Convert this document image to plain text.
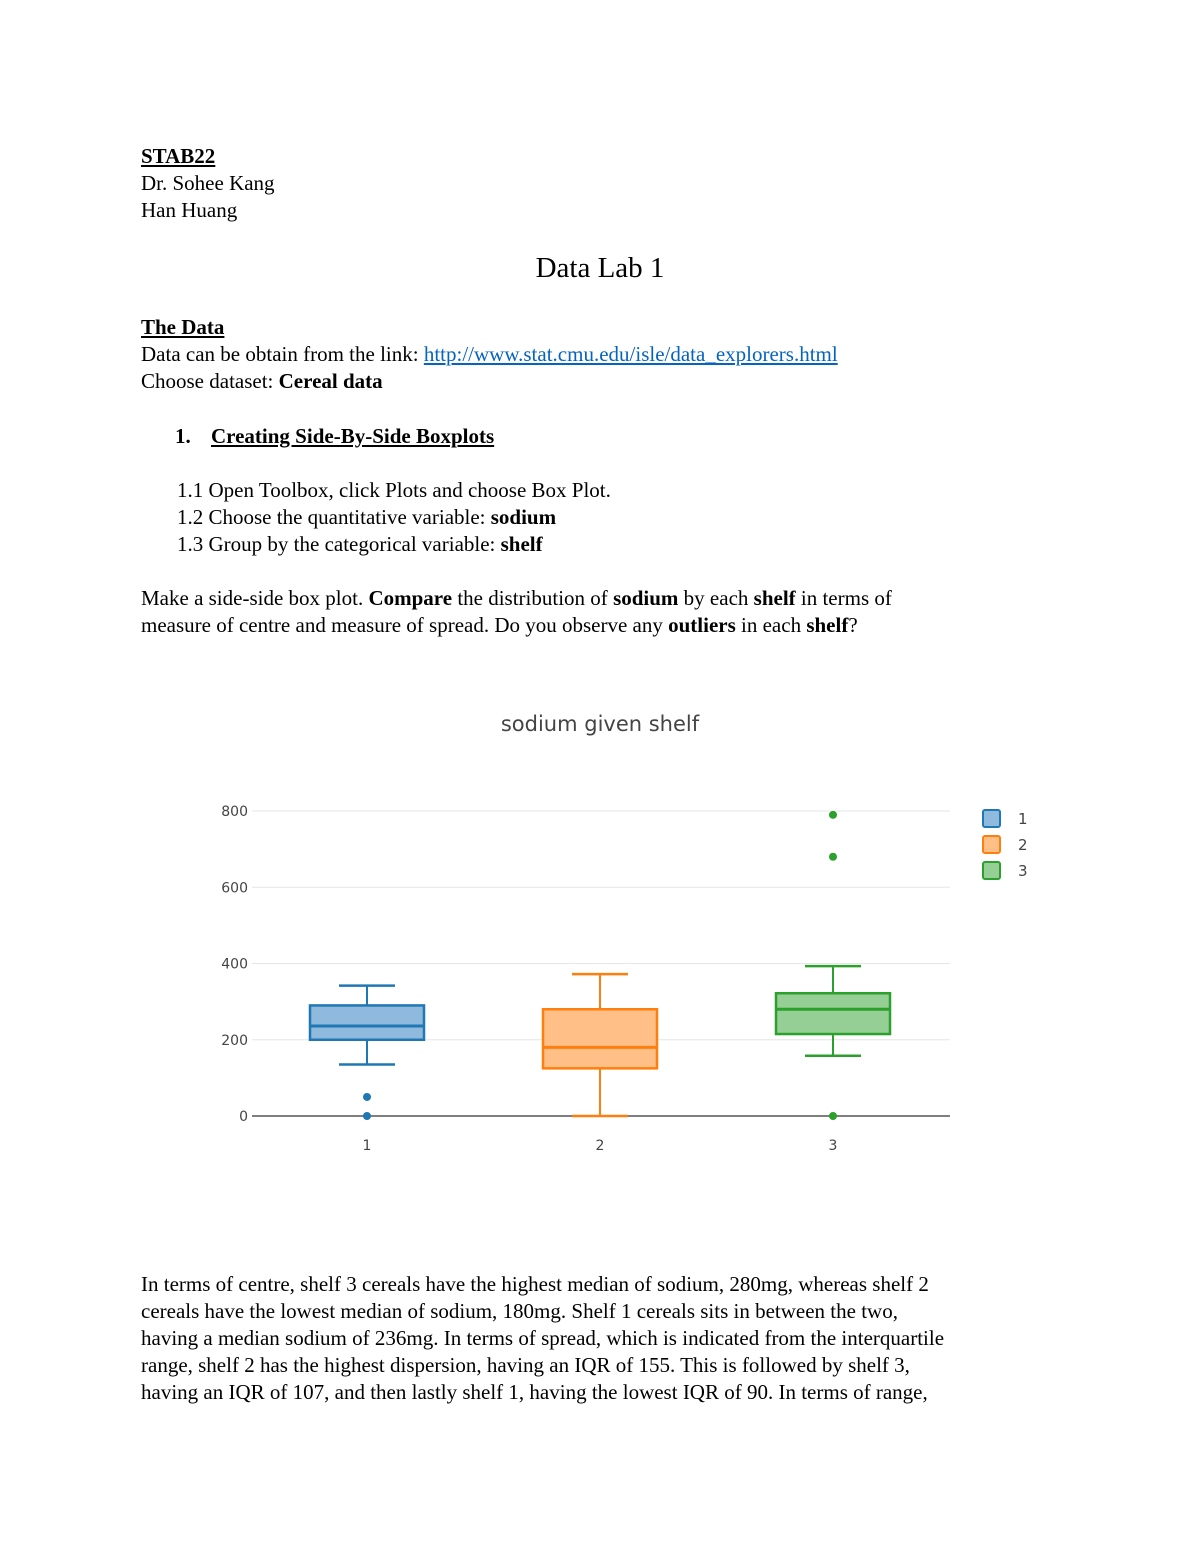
STAB22
Dr. Sohee Kang
Han Huang
Data Lab 1
The Data
Data can be obtain from the link: http://www.stat.cmu.edu/isle/data_explorers.html
Choose dataset: Cereal data
1. Creating Side-By-Side Boxplots
1.1 Open Toolbox, click Plots and choose Box Plot.
1.2 Choose the quantitative variable: sodium
1.3 Group by the categorical variable: shelf
Make a side-side box plot. Compare the distribution of sodium by each shelf in terms of
measure of centre and measure of spread. Do you observe any outliers in each shelf?
sodium given shelf
0
200
400
600
800
1	2	3
1
2
3
In terms of centre, shelf 3 cereals have the highest median of sodium, 280mg, whereas shelf 2
cereals have the lowest median of sodium, 180mg. Shelf 1 cereals sits in between the two,
having a median sodium of 236mg. In terms of spread, which is indicated from the interquartile
range, shelf 2 has the highest dispersion, having an IQR of 155. This is followed by shelf 3,
having an IQR of 107, and then lastly shelf 1, having the lowest IQR of 90. In terms of range,
